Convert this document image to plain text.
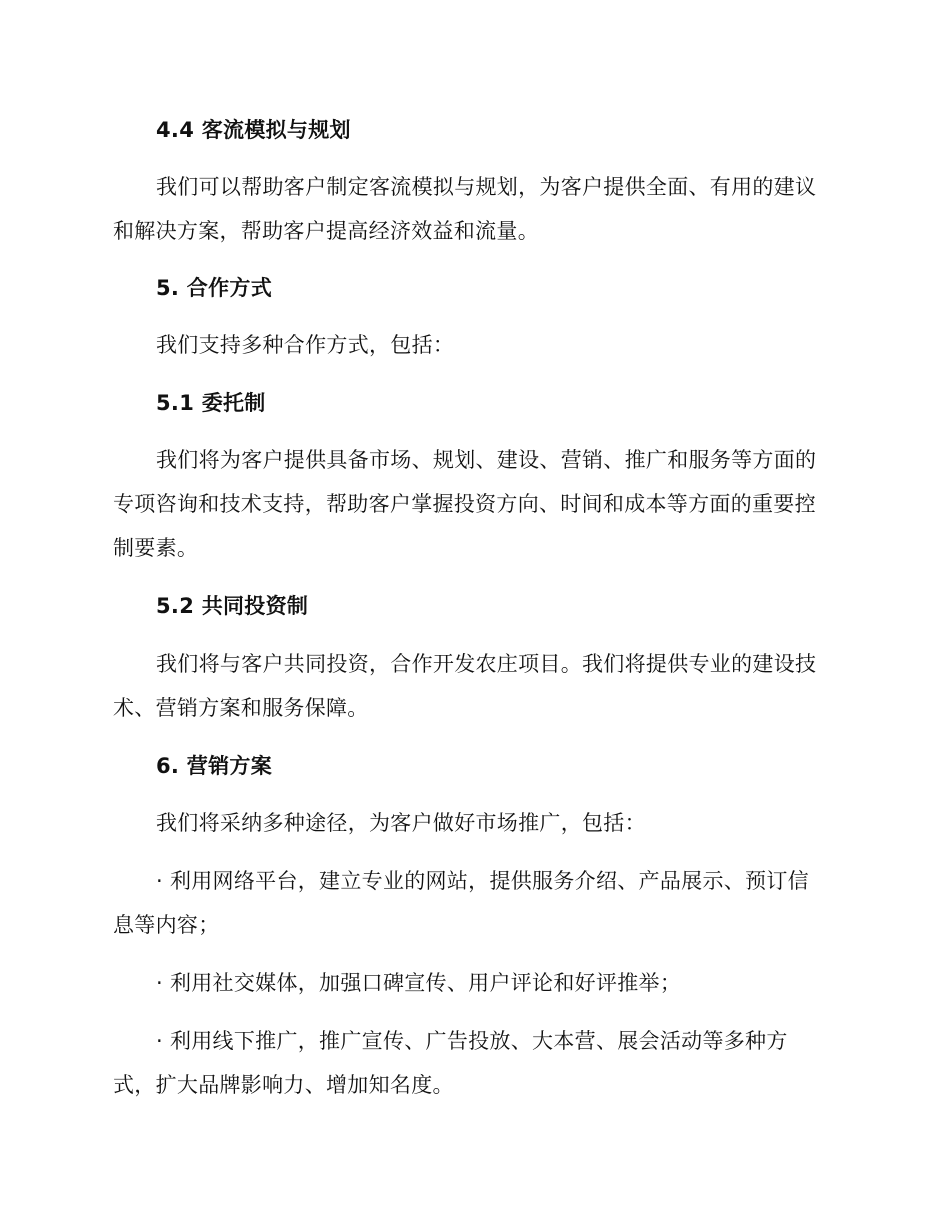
4.4 客流模拟与规划
我们可以帮助客户制定客流模拟与规划，为客户提供全面、有用的建议
和解决方案，帮助客户提高经济效益和流量。
5. 合作方式
我们支持多种合作方式，包括：
5.1 委托制
我们将为客户提供具备市场、规划、建设、营销、推广和服务等方面的
专项咨询和技术支持，帮助客户掌握投资方向、时间和成本等方面的重要控
制要素。
5.2 共同投资制
我们将与客户共同投资，合作开发农庄项目。我们将提供专业的建设技
术、营销方案和服务保障。
6. 营销方案
我们将采纳多种途径，为客户做好市场推广，包括：
· 利用网络平台，建立专业的网站，提供服务介绍、产品展示、预订信
息等内容；
· 利用社交媒体，加强口碑宣传、用户评论和好评推举；
· 利用线下推广，推广宣传、广告投放、大本营、展会活动等多种方
式，扩大品牌影响力、增加知名度。
